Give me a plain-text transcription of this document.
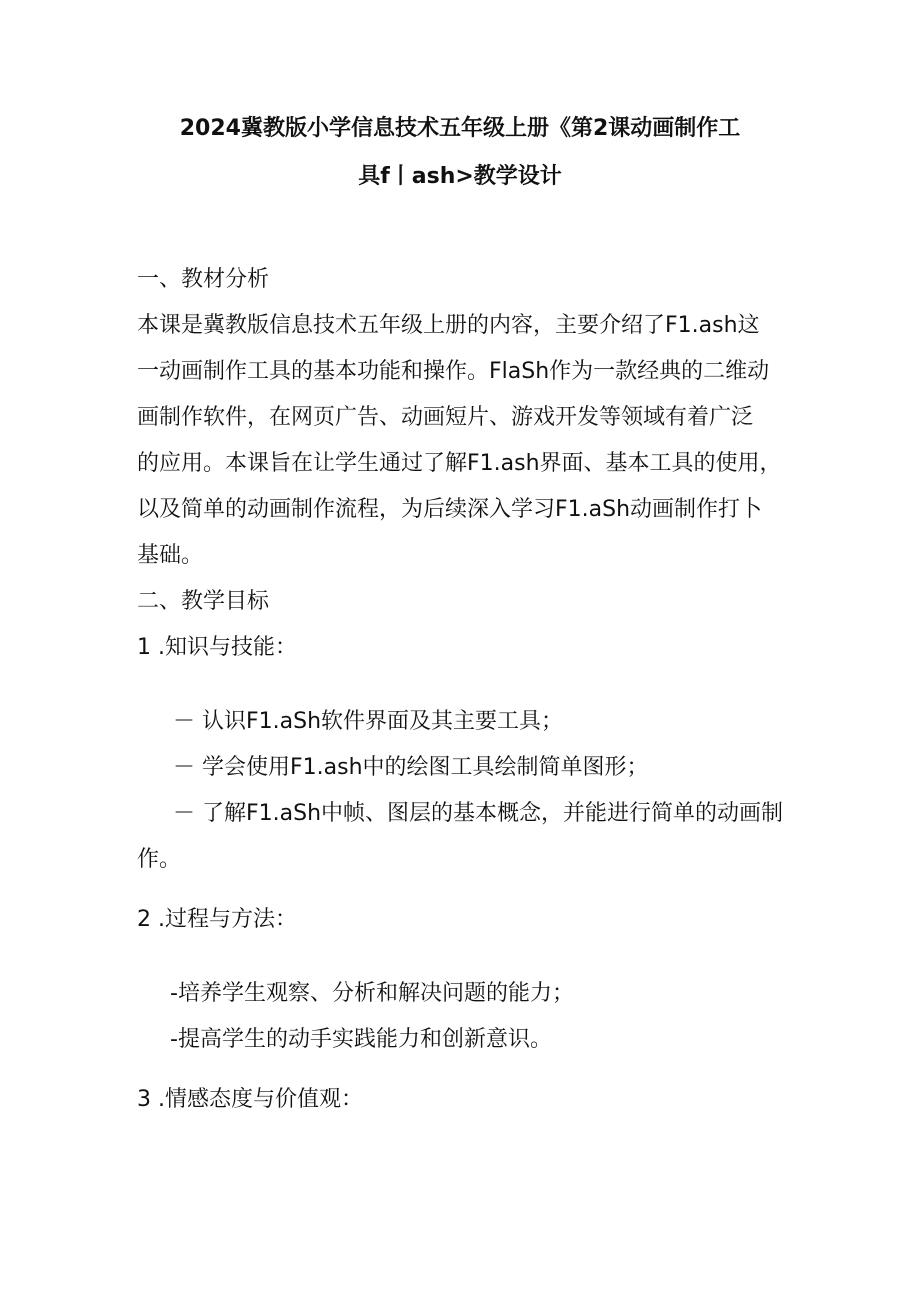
2024冀教版小学信息技术五年级上册《第2课动画制作工
具f丨ash>教学设计
一、教材分析
本课是冀教版信息技术五年级上册的内容，主要介绍了F1.ash这
一动画制作工具的基本功能和操作。FlaSh作为一款经典的二维动
画制作软件，在网页广告、动画短片、游戏开发等领域有着广泛
的应用。本课旨在让学生通过了解F1.ash界面、基本工具的使用，
以及简单的动画制作流程，为后续深入学习F1.aSh动画制作打卜
基础。
二、教学目标
1 .知识与技能：
－ 认识F1.aSh软件界面及其主要工具；
－ 学会使用F1.ash中的绘图工具绘制简单图形；
－ 了解F1.aSh中帧、图层的基本概念，并能进行简单的动画制
作。
2 .过程与方法：
-培养学生观察、分析和解决问题的能力；
-提高学生的动手实践能力和创新意识。
3 .情感态度与价值观：
